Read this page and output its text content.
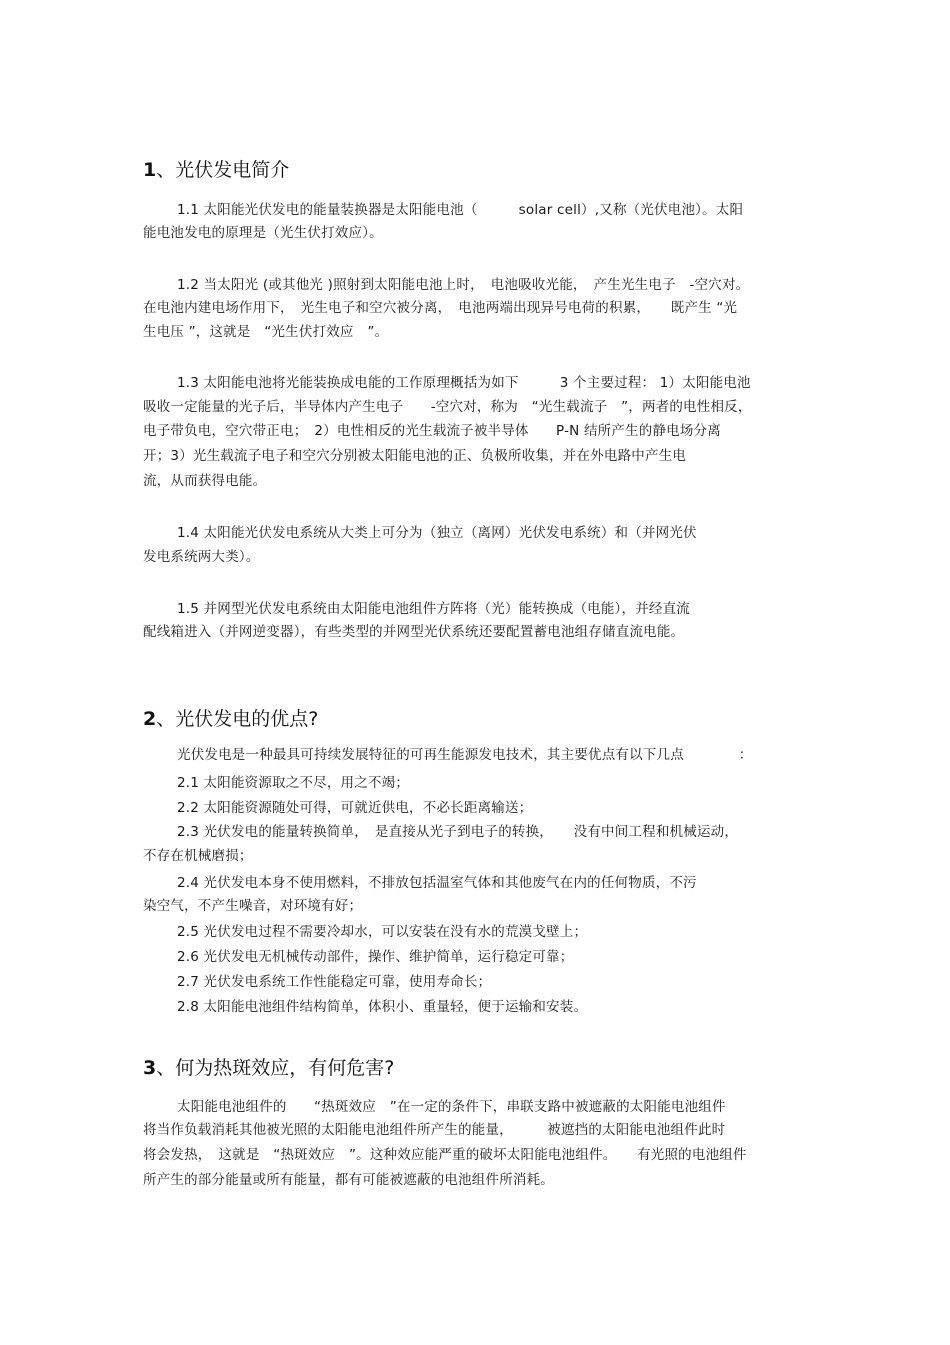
1、光伏发电简介
1.1 太阳能光伏发电的能量装换器是太阳能电池（　　　solar cell）,又称（光伏电池）。太阳
能电池发电的原理是（光生伏打效应）。
1.2 当太阳光 (或其他光 )照射到太阳能电池上时，　电池吸收光能，　产生光生电子　-空穴对。
在电池内建电场作用下，　光生电子和空穴被分离，　电池两端出现异号电荷的积累，　　既产生 “光
生电压 ”，这就是　“光生伏打效应　”。
1.3 太阳能电池将光能装换成电能的工作原理概括为如下　　　3 个主要过程： 1）太阳能电池
吸收一定能量的光子后，半导体内产生电子　　-空穴对，称为　“光生载流子　”，两者的电性相反，
电子带负电，空穴带正电；　2）电性相反的光生载流子被半导体　　P-N 结所产生的静电场分离
开；3）光生载流子电子和空穴分别被太阳能电池的正、负极所收集，并在外电路中产生电
流，从而获得电能。
1.4 太阳能光伏发电系统从大类上可分为（独立（离网）光伏发电系统）和（并网光伏
发电系统两大类）。
1.5 并网型光伏发电系统由太阳能电池组件方阵将（光）能转换成（电能），并经直流
配线箱进入（并网逆变器），有些类型的并网型光伏系统还要配置蓄电池组存储直流电能。
2、光伏发电的优点?
光伏发电是一种最具可持续发展特征的可再生能源发电技术，其主要优点有以下几点　　　　：
2.1 太阳能资源取之不尽，用之不竭；
2.2 太阳能资源随处可得，可就近供电，不必长距离输送；
2.3 光伏发电的能量转换简单，　是直接从光子到电子的转换，　　没有中间工程和机械运动，
不存在机械磨损；
2.4 光伏发电本身不使用燃料，不排放包括温室气体和其他废气在内的任何物质，不污
染空气，不产生噪音，对环境有好；
2.5 光伏发电过程不需要冷却水，可以安装在没有水的荒漠戈壁上；
2.6 光伏发电无机械传动部件，操作、维护简单，运行稳定可靠；
2.7 光伏发电系统工作性能稳定可靠，使用寿命长；
2.8 太阳能电池组件结构简单，体积小、重量轻，便于运输和安装。
3、何为热斑效应，有何危害?
太阳能电池组件的　　“热斑效应　”在一定的条件下，串联支路中被遮蔽的太阳能电池组件
将当作负载消耗其他被光照的太阳能电池组件所产生的能量，　　　被遮挡的太阳能电池组件此时
将会发热，　这就是　“热斑效应　”。这种效应能严重的破坏太阳能电池组件。　　有光照的电池组件
所产生的部分能量或所有能量，都有可能被遮蔽的电池组件所消耗。
